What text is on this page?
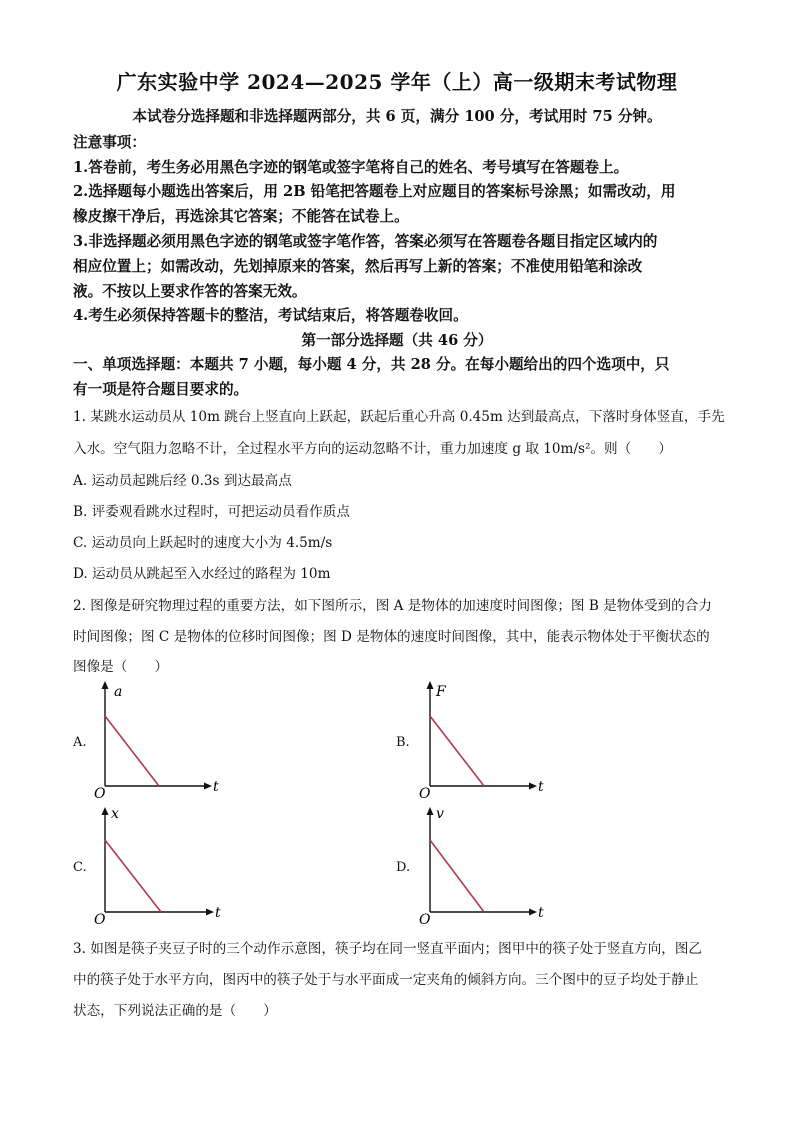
广东实验中学 2024—2025 学年（上）高一级期末考试物理
本试卷分选择题和非选择题两部分，共 6 页，满分 100 分，考试用时 75 分钟。
注意事项：
1.答卷前，考生务必用黑色字迹的钢笔或签字笔将自己的姓名、考号填写在答题卷上。
2.选择题每小题选出答案后，用 2B 铅笔把答题卷上对应题目的答案标号涂黑；如需改动，用
橡皮擦干净后，再选涂其它答案；不能答在试卷上。
3.非选择题必须用黑色字迹的钢笔或签字笔作答，答案必须写在答题卷各题目指定区域内的
相应位置上；如需改动，先划掉原来的答案，然后再写上新的答案；不准使用铅笔和涂改
液。不按以上要求作答的答案无效。
4.考生必须保持答题卡的整洁，考试结束后，将答题卷收回。
第一部分选择题（共 46 分）
一、单项选择题：本题共 7 小题，每小题 4 分，共 28 分。在每小题给出的四个选项中，只
有一项是符合题目要求的。
1. 某跳水运动员从 10m 跳台上竖直向上跃起，跃起后重心升高 0.45m 达到最高点，下落时身体竖直，手先
入水。空气阻力忽略不计，全过程水平方向的运动忽略不计，重力加速度 g 取 10m/s²。则（　　）
A. 运动员起跳后经 0.3s 到达最高点
B. 评委观看跳水过程时，可把运动员看作质点
C. 运动员向上跃起时的速度大小为 4.5m/s
D. 运动员从跳起至入水经过的路程为 10m
2. 图像是研究物理过程的重要方法，如下图所示，图 A 是物体的加速度时间图像；图 B 是物体受到的合力
时间图像；图 C 是物体的位移时间图像；图 D 是物体的速度时间图像，其中，能表示物体处于平衡状态的
图像是（　　）
A.
a
t
O
B.
F
t
O
C.
x
t
O
D.
v
t
O
3. 如图是筷子夹豆子时的三个动作示意图，筷子均在同一竖直平面内；图甲中的筷子处于竖直方向，图乙
中的筷子处于水平方向，图丙中的筷子处于与水平面成一定夹角的倾斜方向。三个图中的豆子均处于静止
状态，下列说法正确的是（　　）
